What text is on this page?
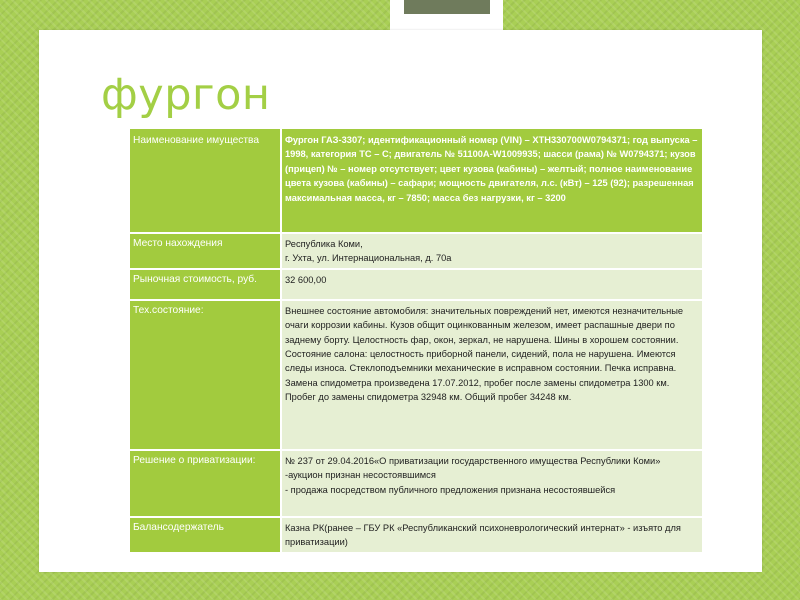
фургон
Наименование имущества	Фургон ГАЗ-3307; идентификационный номер (VIN) – XTH330700W0794371; год выпуска – 1998, категория ТС – С; двигатель № 51100А-W1009935; шасси (рама) № W0794371; кузов (прицеп) № – номер отсутствует; цвет кузова (кабины) – желтый; полное наименование цвета кузова (кабины) – сафари; мощность двигателя, л.с. (кВт) – 125 (92); разрешенная максимальная масса, кг – 7850; масса без нагрузки, кг – 3200

Место нахождения	Республика Коми,
г. Ухта, ул. Интернациональная, д. 70а

Рыночная стоимость, руб.	32 600,00

Тех.состояние:	Внешнее состояние автомобиля: значительных повреждений нет, имеются незначительные очаги коррозии кабины. Кузов общит оцинкованным железом, имеет распашные двери по заднему борту. Целостность фар, окон, зеркал, не нарушена. Шины в хорошем состоянии. Состояние салона: целостность приборной панели, сидений, пола не нарушена. Имеются следы износа. Стеклоподъемники механические в исправном состоянии. Печка исправна. Замена спидометра произведена 17.07.2012, пробег после замены спидометра 1300 км. Пробег до замены спидометра 32948 км. Общий пробег 34248 км.

Решение о приватизации:	№ 237 от 29.04.2016«О приватизации государственного имущества Республики Коми»
-аукцион признан несостоявшимся
- продажа посредством публичного предложения признана несостоявшейся

Балансодержатель	Казна РК(ранее – ГБУ РК «Республиканский психоневрологический интернат» - изъято для приватизации)
